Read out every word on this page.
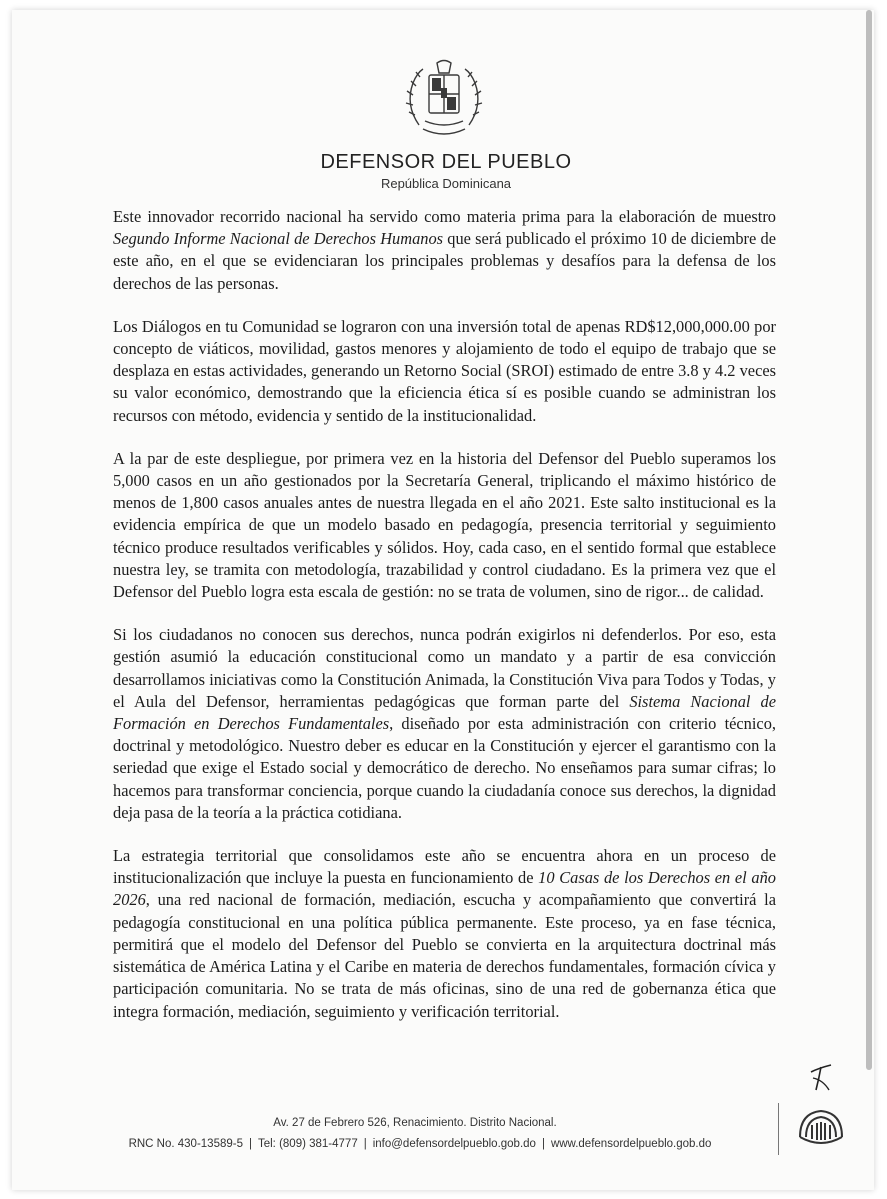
DEFENSOR DEL PUEBLO
República Dominicana

Este innovador recorrido nacional ha servido como materia prima para la elaboración de muestro Segundo Informe Nacional de Derechos Humanos que será publicado el próximo 10 de diciembre de este año, en el que se evidenciaran los principales problemas y desafíos para la defensa de los derechos de las personas.

Los Diálogos en tu Comunidad se lograron con una inversión total de apenas RD$12,000,000.00 por concepto de viáticos, movilidad, gastos menores y alojamiento de todo el equipo de trabajo que se desplaza en estas actividades, generando un Retorno Social (SROI) estimado de entre 3.8 y 4.2 veces su valor económico, demostrando que la eficiencia ética sí es posible cuando se administran los recursos con método, evidencia y sentido de la institucionalidad.

A la par de este despliegue, por primera vez en la historia del Defensor del Pueblo superamos los 5,000 casos en un año gestionados por la Secretaría General, triplicando el máximo histórico de menos de 1,800 casos anuales antes de nuestra llegada en el año 2021. Este salto institucional es la evidencia empírica de que un modelo basado en pedagogía, presencia territorial y seguimiento técnico produce resultados verificables y sólidos. Hoy, cada caso, en el sentido formal que establece nuestra ley, se tramita con metodología, trazabilidad y control ciudadano. Es la primera vez que el Defensor del Pueblo logra esta escala de gestión: no se trata de volumen, sino de rigor... de calidad.

Si los ciudadanos no conocen sus derechos, nunca podrán exigirlos ni defenderlos. Por eso, esta gestión asumió la educación constitucional como un mandato y a partir de esa convicción desarrollamos iniciativas como la Constitución Animada, la Constitución Viva para Todos y Todas, y el Aula del Defensor, herramientas pedagógicas que forman parte del Sistema Nacional de Formación en Derechos Fundamentales, diseñado por esta administración con criterio técnico, doctrinal y metodológico. Nuestro deber es educar en la Constitución y ejercer el garantismo con la seriedad que exige el Estado social y democrático de derecho. No enseñamos para sumar cifras; lo hacemos para transformar conciencia, porque cuando la ciudadanía conoce sus derechos, la dignidad deja pasa de la teoría a la práctica cotidiana.

La estrategia territorial que consolidamos este año se encuentra ahora en un proceso de institucionalización que incluye la puesta en funcionamiento de 10 Casas de los Derechos en el año 2026, una red nacional de formación, mediación, escucha y acompañamiento que convertirá la pedagogía constitucional en una política pública permanente. Este proceso, ya en fase técnica, permitirá que el modelo del Defensor del Pueblo se convierta en la arquitectura doctrinal más sistemática de América Latina y el Caribe en materia de derechos fundamentales, formación cívica y participación comunitaria. No se trata de más oficinas, sino de una red de gobernanza ética que integra formación, mediación, seguimiento y verificación territorial.

Av. 27 de Febrero 526, Renacimiento. Distrito Nacional.
RNC No. 430-13589-5 | Tel: (809) 381-4777 | info@defensordelpueblo.gob.do | www.defensordelpueblo.gob.do
